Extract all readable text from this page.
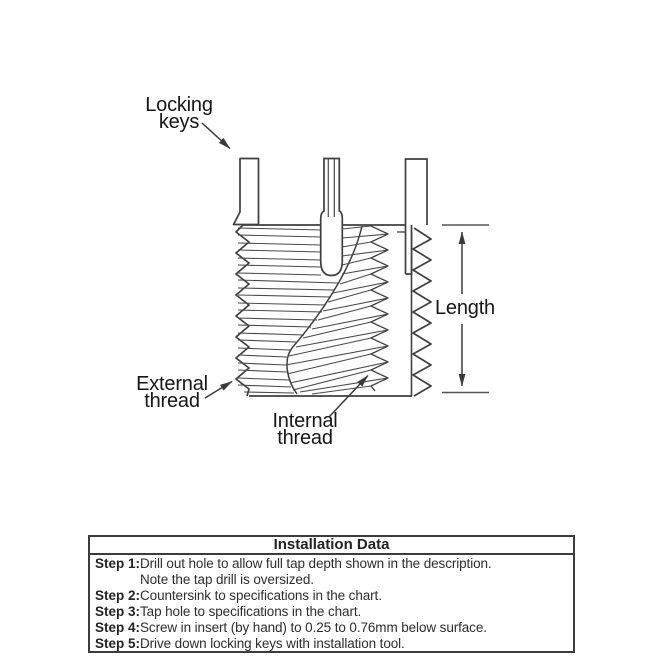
Locking
keys
Length
External
thread
Internal
thread
Installation Data
Step 1: Drill out hole to allow full tap depth shown in the description.
Note the tap drill is oversized.
Step 2: Countersink to specifications in the chart.
Step 3: Tap hole to specifications in the chart.
Step 4: Screw in insert (by hand) to 0.25 to 0.76mm below surface.
Step 5: Drive down locking keys with installation tool.
